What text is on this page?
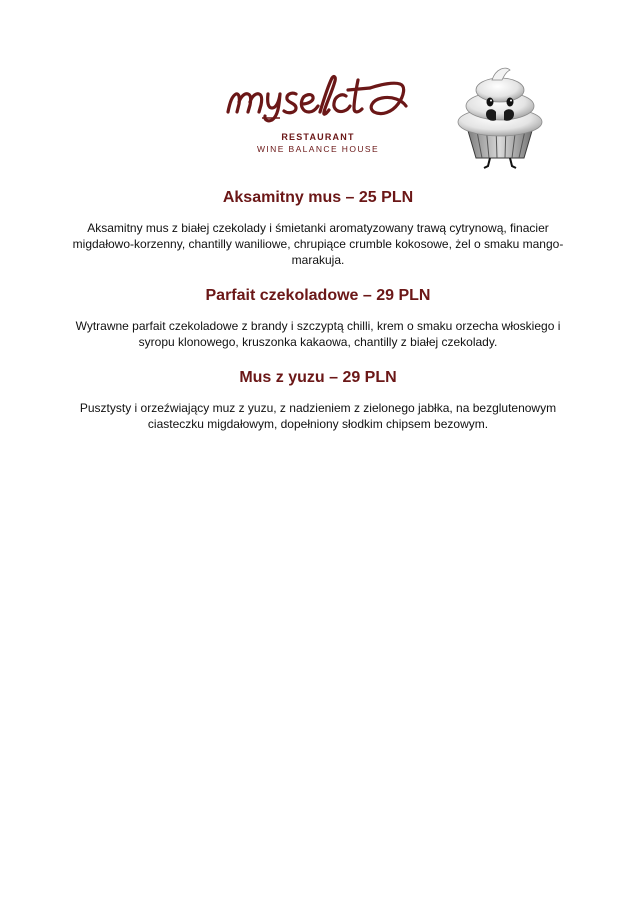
RESTAURANT
WINE BALANCE HOUSE
Aksamitny mus – 25 PLN

Aksamitny mus z białej czekolady i śmietanki aromatyzowany trawą cytrynową, finacier migdałowo-korzenny, chantilly waniliowe, chrupiące crumble kokosowe, żel o smaku mango-marakuja.

Parfait czekoladowe – 29 PLN

Wytrawne parfait czekoladowe z brandy i szczyptą chilli, krem o smaku orzecha włoskiego i syropu klonowego, kruszonka kakaowa, chantilly z białej czekolady.

Mus z yuzu – 29 PLN

Pusztysty i orzeźwiający muz z yuzu, z nadzieniem z zielonego jabłka, na bezglutenowym ciasteczku migdałowym, dopełniony słodkim chipsem bezowym.
